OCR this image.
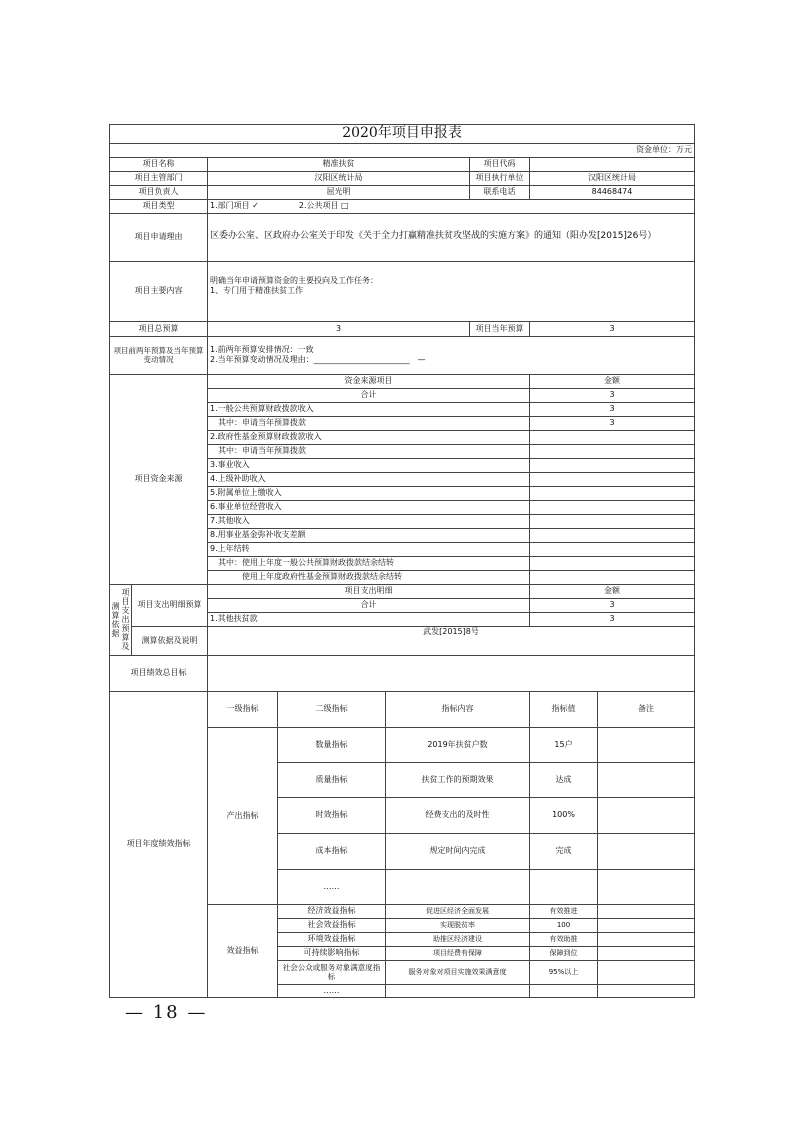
2020年项目申报表							
						资金单位：万元	
项目名称		精准扶贫			项目代码		
项目主管部门		汉阳区统计局			项目执行单位	汉阳区统计局	
项目负责人		屈光明			联系电话	84468474	
项目类型		1.部门项目 ✓　　　　　2.公共项目 □					
项目申请理由		区委办公室、区政府办公室关于印发《关于全力打赢精准扶贫攻坚战的实施方案》的通知（阳办发[2015]26号）					
项目主要内容		明确当年申请预算资金的主要投向及工作任务：
1、专门用于精准扶贫工作					

项目总预算		3			项目当年预算	3	
项目前两年预算及当年预算变动情况		1.前两年预算安排情况：一致
2.当年预算变动情况及理由：________________________　—					

项目资金来源		资金来源项目				金额	
		合计				3	
		1.一般公共预算财政拨款收入				3	
		　其中：申请当年预算拨款				3	
		2.政府性基金预算财政拨款收入					
		　其中：申请当年预算拨款					
		3.事业收入					
		4.上级补助收入					
		5.附属单位上缴收入					
		6.事业单位经营收入					
		7.其他收入					
		8.用事业基金弥补收支差额					
		9.上年结转					
		　其中：使用上年度一般公共预算财政拨款结余结转					
		　　　　使用上年度政府性基金预算财政拨款结余结转					

项目支出预算及测算依据	项目支出明细预算	项目支出明细				金额	
		合计				3	
		1.其他扶贫款				3	
	测算依据及说明	武发[2015]8号					

项目绩效总目标							
项目年度绩效指标		一级指标	二级指标	指标内容		指标值	备注
		产出指标	数量指标	2019年扶贫户数		15户	
			质量指标	扶贫工作的预期效果		达成	
			时效指标	经费支出的及时性		100%	
			成本指标	规定时间内完成		完成	
			……				
		效益指标	经济效益指标	促进区经济全面发展		有效推进	
			社会效益指标	实现脱贫率		100	
			环境效益指标	助推区经济建设		有效助推	
			可持续影响指标	项目经费有保障		保障到位	
			社会公众或服务对象满意度指标	服务对象对项目实施效果满意度		95%以上	
			……				
— 18 —
